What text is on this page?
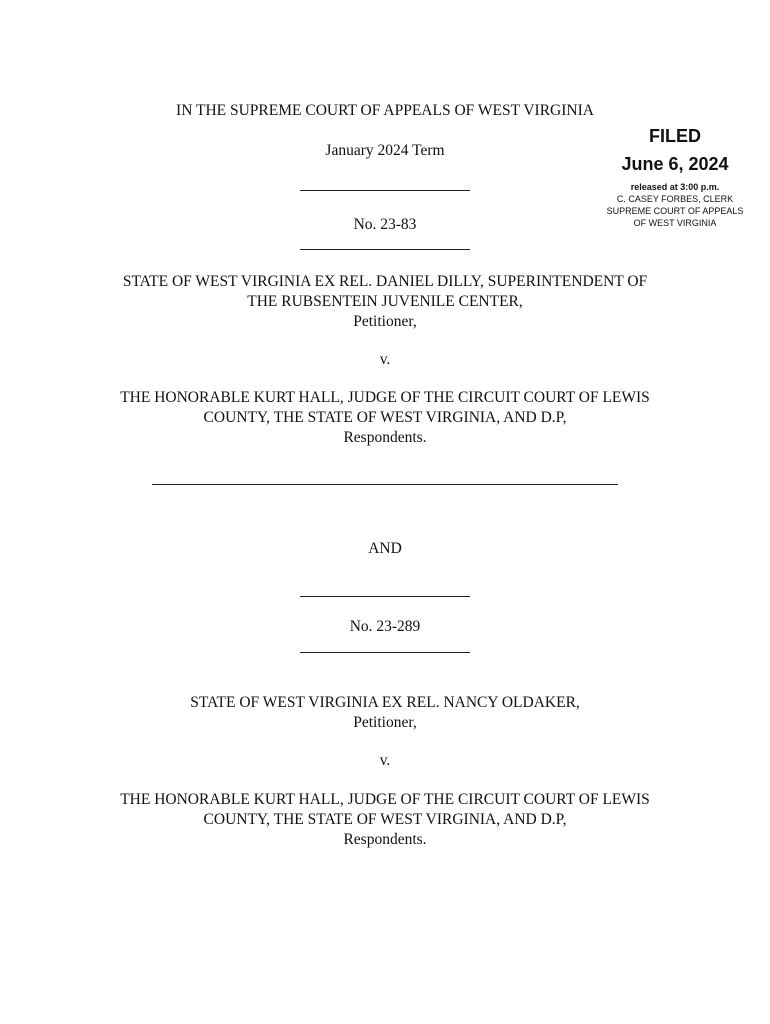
IN THE SUPREME COURT OF APPEALS OF WEST VIRGINIA
January 2024 Term
No. 23-83
FILED
June 6, 2024
released at 3:00 p.m.
C. CASEY FORBES, CLERK
SUPREME COURT OF APPEALS
OF WEST VIRGINIA
STATE OF WEST VIRGINIA EX REL. DANIEL DILLY, SUPERINTENDENT OF
THE RUBSENTEIN JUVENILE CENTER,
Petitioner,
v.
THE HONORABLE KURT HALL, JUDGE OF THE CIRCUIT COURT OF LEWIS
COUNTY, THE STATE OF WEST VIRGINIA, AND D.P,
Respondents.
AND
No. 23-289
STATE OF WEST VIRGINIA EX REL. NANCY OLDAKER,
Petitioner,
v.
THE HONORABLE KURT HALL, JUDGE OF THE CIRCUIT COURT OF LEWIS
COUNTY, THE STATE OF WEST VIRGINIA, AND D.P,
Respondents.
